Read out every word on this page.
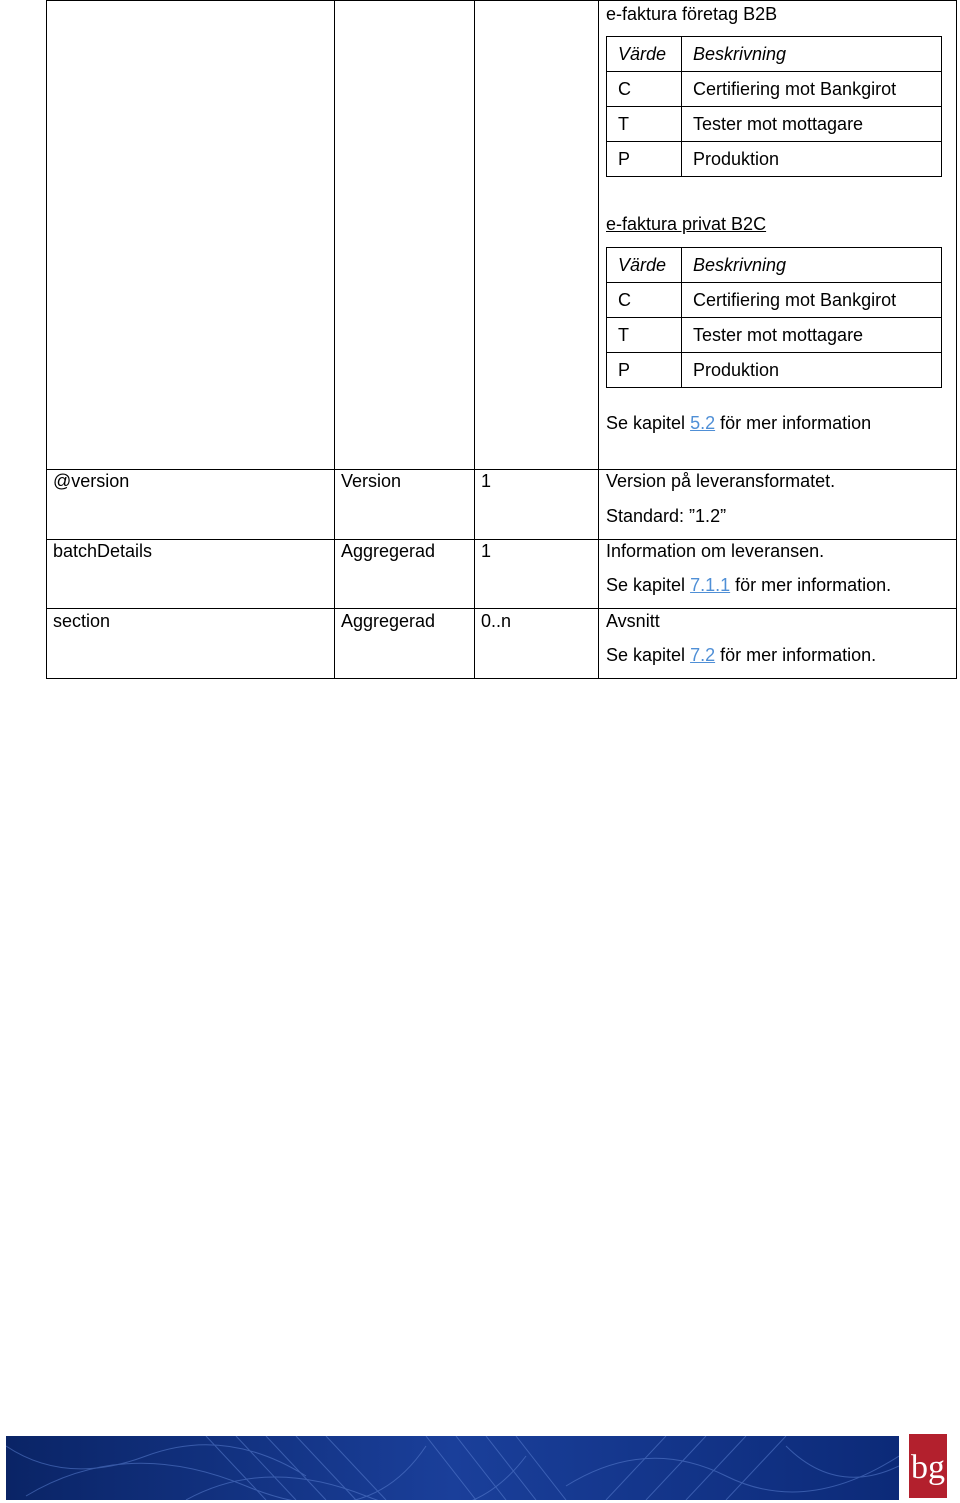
e-faktura företag B2B
Värde	Beskrivning
C	Certifiering mot Bankgirot
T	Tester mot mottagare
P	Produktion
e-faktura privat B2C
Värde	Beskrivning
C	Certifiering mot Bankgirot
T	Tester mot mottagare
P	Produktion
Se kapitel 5.2 för mer information
@version	Version	1	Version på leveransformatet.
Standard: ”1.2”
batchDetails	Aggregerad	1	Information om leveransen.
Se kapitel 7.1.1 för mer information.
section	Aggregerad	0..n	Avsnitt
Se kapitel 7.2 för mer information.
bg
